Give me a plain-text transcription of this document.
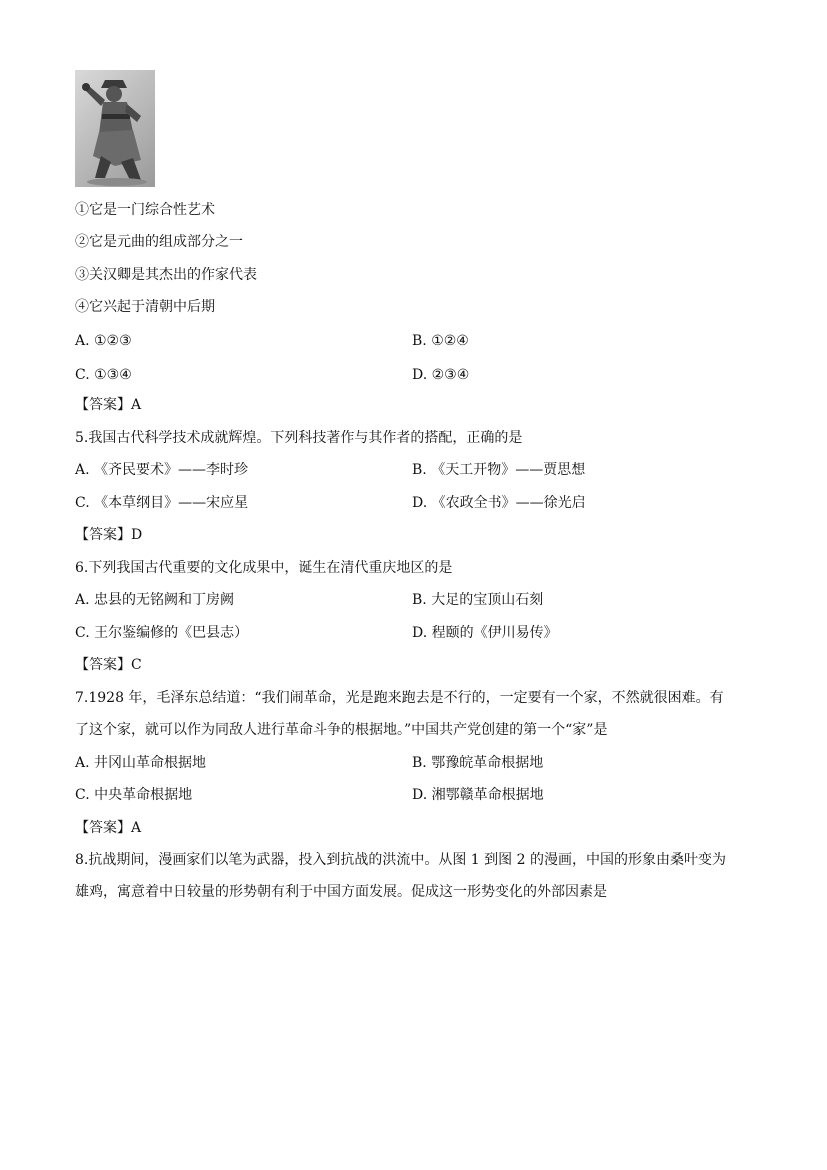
①它是一门综合性艺术
②它是元曲的组成部分之一
③关汉卿是其杰出的作家代表
④它兴起于清朝中后期
A. ①②③	B. ①②④
C. ①③④	D. ②③④
【答案】A
5.我国古代科学技术成就辉煌。下列科技著作与其作者的搭配，正确的是
A. 《齐民要术》——李时珍	B. 《天工开物》——贾思想
C. 《本草纲目》——宋应星	D. 《农政全书》——徐光启
【答案】D
6.下列我国古代重要的文化成果中，诞生在清代重庆地区的是
A. 忠县的无铭阙和丁房阙	B. 大足的宝顶山石刻
C. 王尔鉴编修的《巴县志）	D. 程颐的《伊川易传》
【答案】C
7.1928 年，毛泽东总结道：“我们闹革命，光是跑来跑去是不行的，一定要有一个家，不然就很困难。有
了这个家，就可以作为同敌人进行革命斗争的根据地。”中国共产党创建的第一个“家”是
A. 井冈山革命根据地	B. 鄂豫皖革命根据地
C. 中央革命根据地	D. 湘鄂赣革命根据地
【答案】A
8.抗战期间，漫画家们以笔为武器，投入到抗战的洪流中。从图 1 到图 2 的漫画，中国的形象由桑叶变为
雄鸡，寓意着中日较量的形势朝有利于中国方面发展。促成这一形势变化的外部因素是
